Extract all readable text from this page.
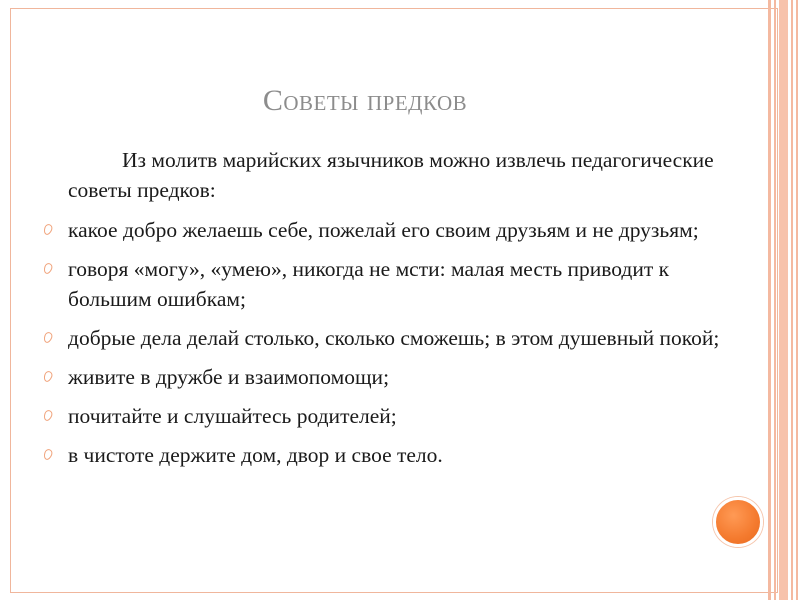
Советы предков

Из молитв марийских язычников можно извлечь педагогические советы предков:

какое добро желаешь себе, пожелай его своим друзьям и не друзьям;
говоря «могу», «умею», никогда не мсти: малая месть приводит к большим ошибкам;
добрые дела делай столько, сколько сможешь; в этом душевный покой;
живите в дружбе и взаимопомощи;
почитайте и слушайтесь родителей;
в чистоте держите дом, двор и свое тело.
